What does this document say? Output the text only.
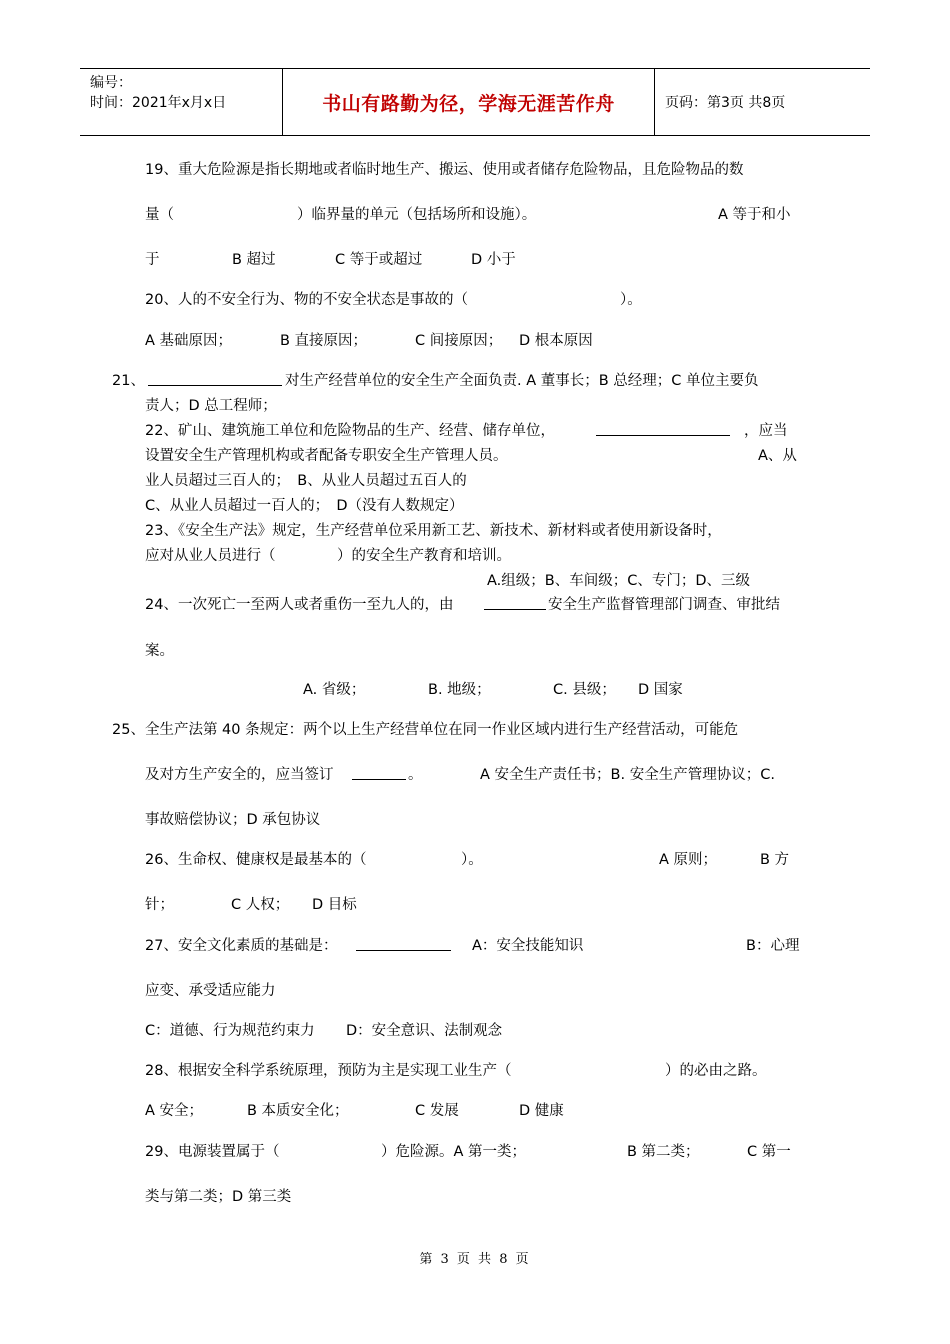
编号：
时间：2021年x月x日	书山有路勤为径，学海无涯苦作舟	页码：第3页 共8页
19、重大危险源是指长期地或者临时地生产、搬运、使用或者储存危险物品，且危险物品的数
量（	）临界量的单元（包括场所和设施）。	A 等于和小
于	B 超过	C 等于或超过	D 小于
20、人的不安全行为、物的不安全状态是事故的（	）。
A 基础原因；	B 直接原因；	C 间接原因； D 根本原因
21、	对生产经营单位的安全生产全面负责. A 董事长；B 总经理；C 单位主要负
责人；D 总工程师；
22、矿山、建筑施工单位和危险物品的生产、经营、储存单位，	，应当
设置安全生产管理机构或者配备专职安全生产管理人员。	A、从
业人员超过三百人的；　B、从业人员超过五百人的
C、从业人员超过一百人的；　D（没有人数规定）
23、《安全生产法》规定，生产经营单位采用新工艺、新技术、新材料或者使用新设备时，
应对从业人员进行（	）的安全生产教育和培训。
A.组级；B、车间级；C、专门；D、三级
24、一次死亡一至两人或者重伤一至九人的，由	安全生产监督管理部门调查、审批结
案。
A. 省级；	B. 地级；	C. 县级； D 国家
25、全生产法第 40 条规定：两个以上生产经营单位在同一作业区域内进行生产经营活动，可能危
及对方生产安全的，应当签订	。	A 安全生产责任书；B. 安全生产管理协议；C.
事故赔偿协议；D 承包协议
26、生命权、健康权是最基本的（	）。	A 原则；	B 方
针；	C 人权； D 目标
27、安全文化素质的基础是：	A：安全技能知识	B：心理
应变、承受适应能力
C：道德、行为规范约束力 D：安全意识、法制观念
28、根据安全科学系统原理，预防为主是实现工业生产（	）的必由之路。
A 安全；	B 本质安全化；	C 发展	D 健康
29、电源装置属于（	）危险源。A 第一类；	B 第二类；	C 第一
类与第二类；D 第三类
第 3 页 共 8 页
